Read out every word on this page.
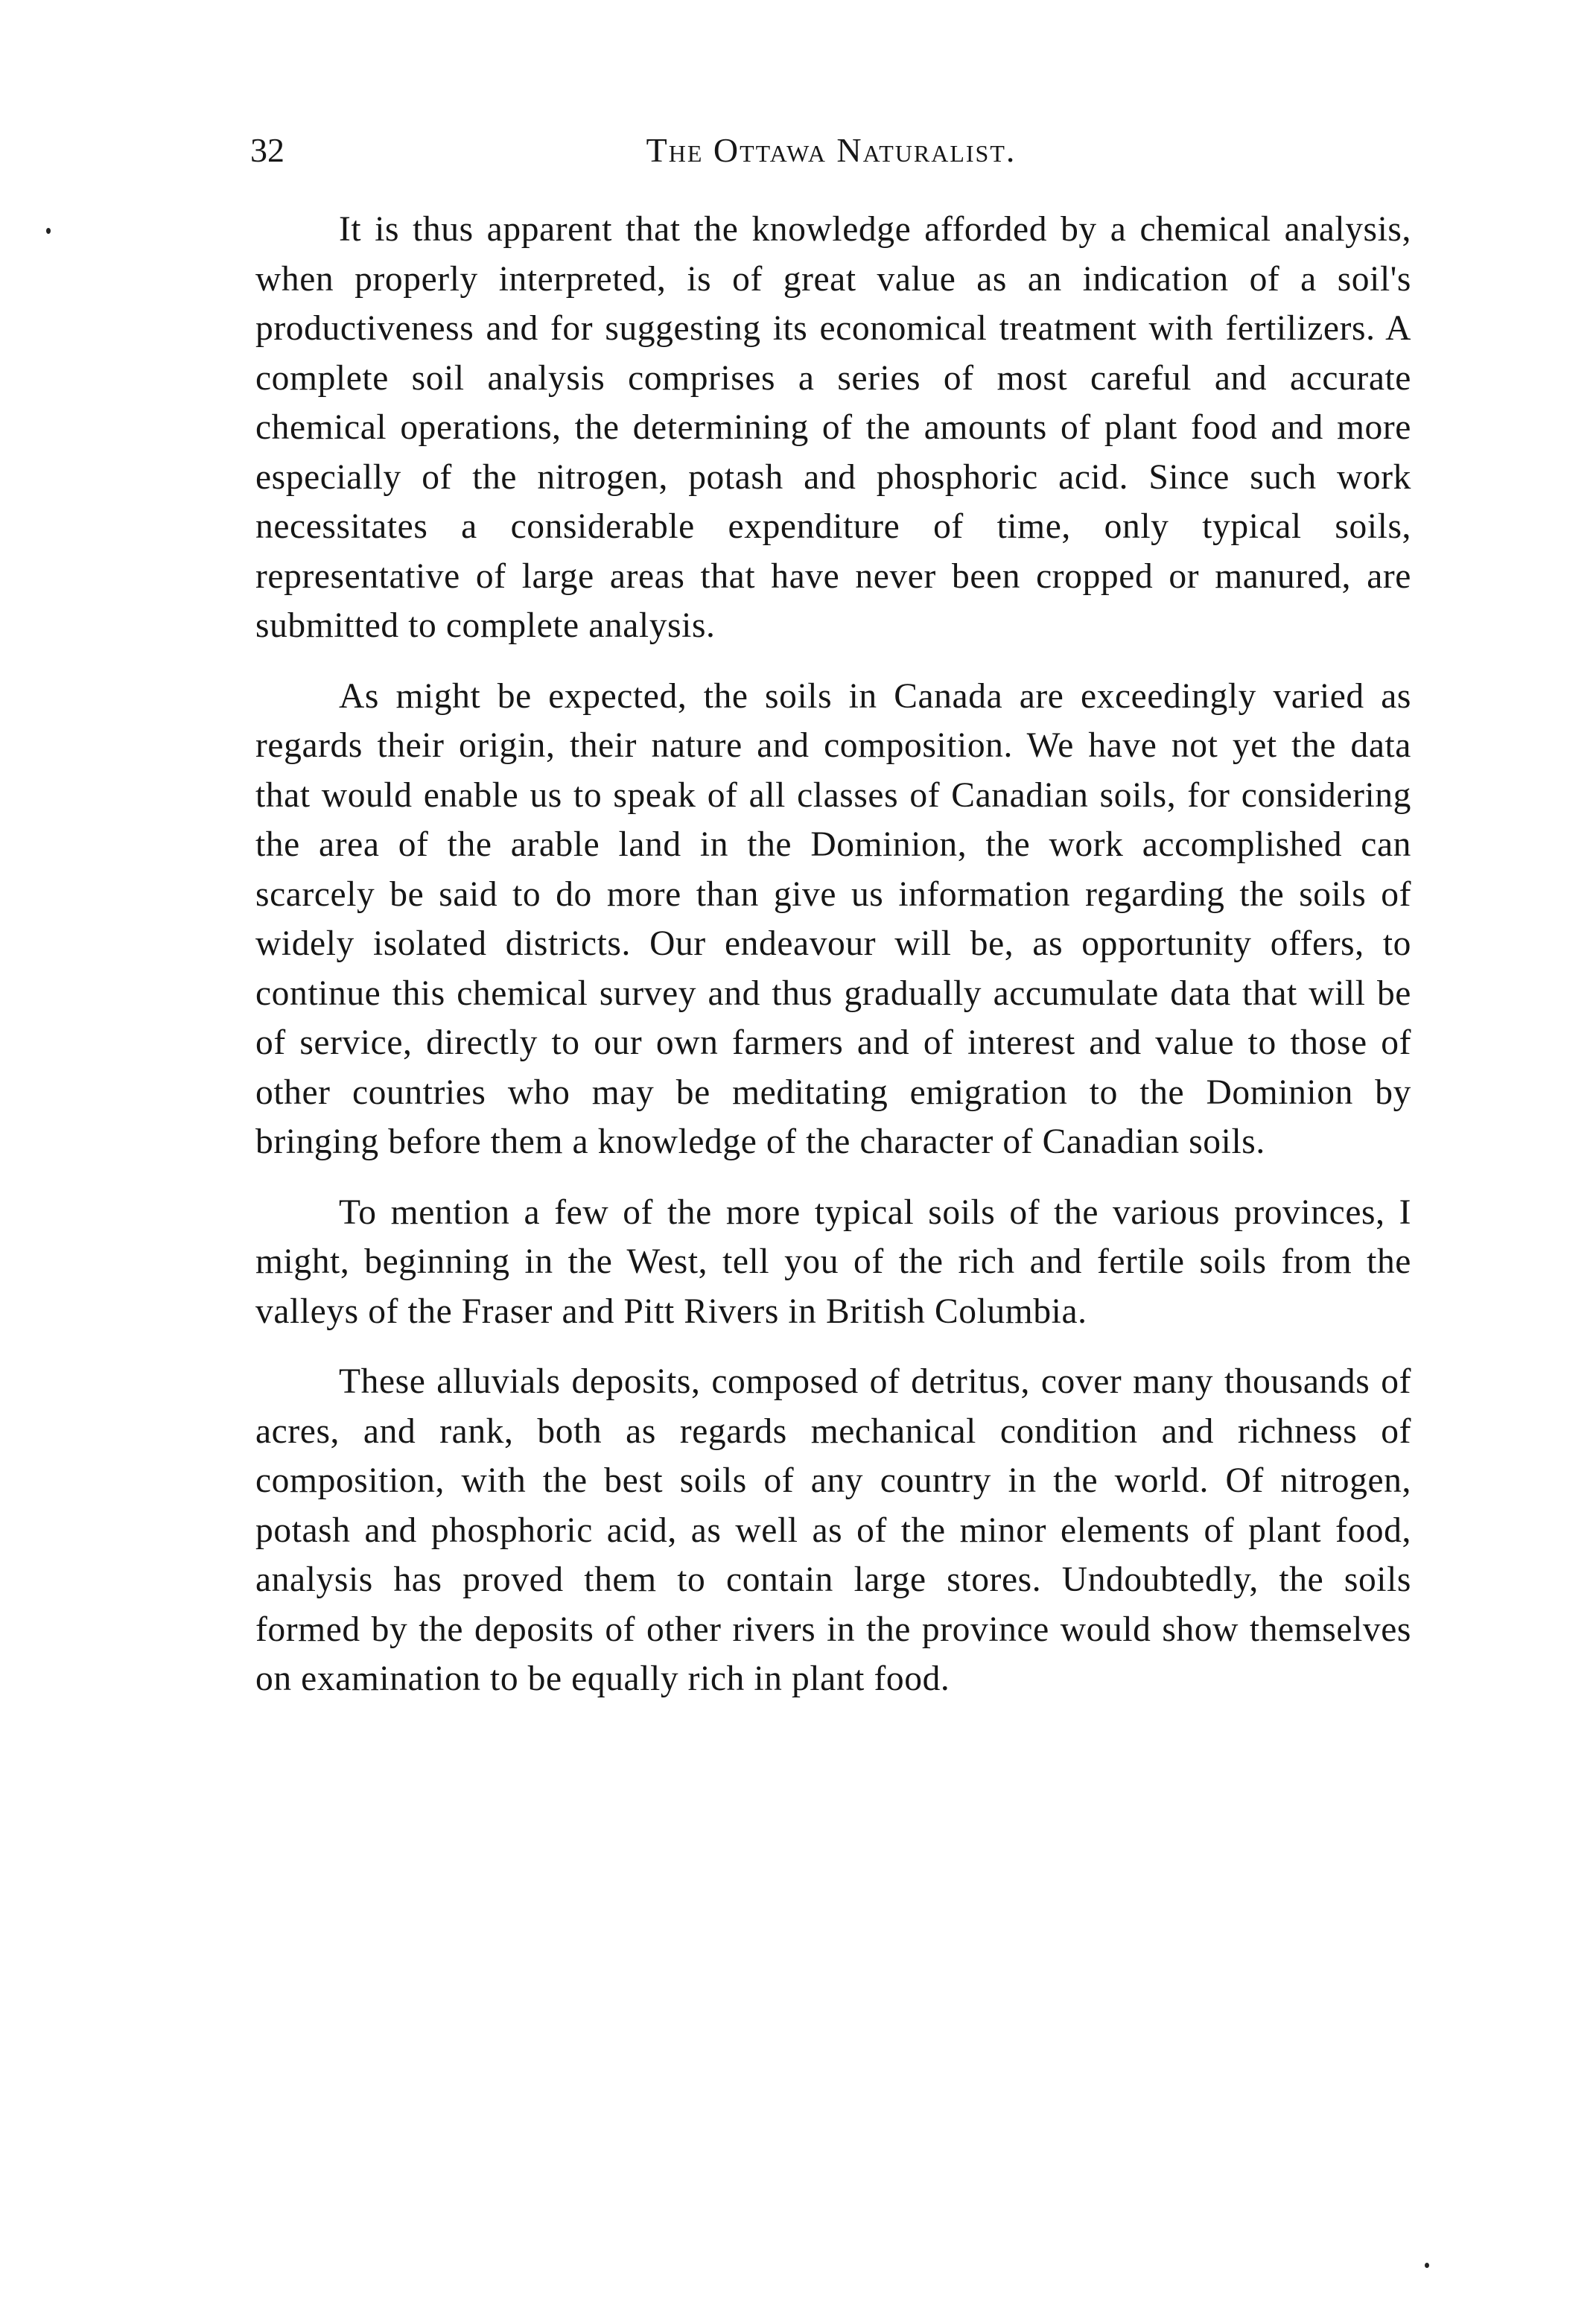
32	The Ottawa Naturalist.

It is thus apparent that the knowledge afforded by a chemical analysis, when properly interpreted, is of great value as an indication of a soil's productiveness and for suggesting its economical treatment with fertilizers. A complete soil analysis comprises a series of most careful and accurate chemical operations, the determining of the amounts of plant food and more especially of the nitrogen, potash and phosphoric acid. Since such work necessitates a considerable expenditure of time, only typical soils, representative of large areas that have never been cropped or manured, are submitted to complete analysis.

As might be expected, the soils in Canada are exceedingly varied as regards their origin, their nature and composition. We have not yet the data that would enable us to speak of all classes of Canadian soils, for considering the area of the arable land in the Dominion, the work accomplished can scarcely be said to do more than give us information regarding the soils of widely isolated districts. Our endeavour will be, as opportunity offers, to continue this chemical survey and thus gradually accumulate data that will be of service, directly to our own farmers and of interest and value to those of other countries who may be meditating emigration to the Dominion by bringing before them a knowledge of the character of Canadian soils.

To mention a few of the more typical soils of the various provinces, I might, beginning in the West, tell you of the rich and fertile soils from the valleys of the Fraser and Pitt Rivers in British Columbia.

These alluvials deposits, composed of detritus, cover many thousands of acres, and rank, both as regards mechanical condition and richness of composition, with the best soils of any country in the world. Of nitrogen, potash and phosphoric acid, as well as of the minor elements of plant food, analysis has proved them to contain large stores. Undoubtedly, the soils formed by the deposits of other rivers in the province would show themselves on examination to be equally rich in plant food.
